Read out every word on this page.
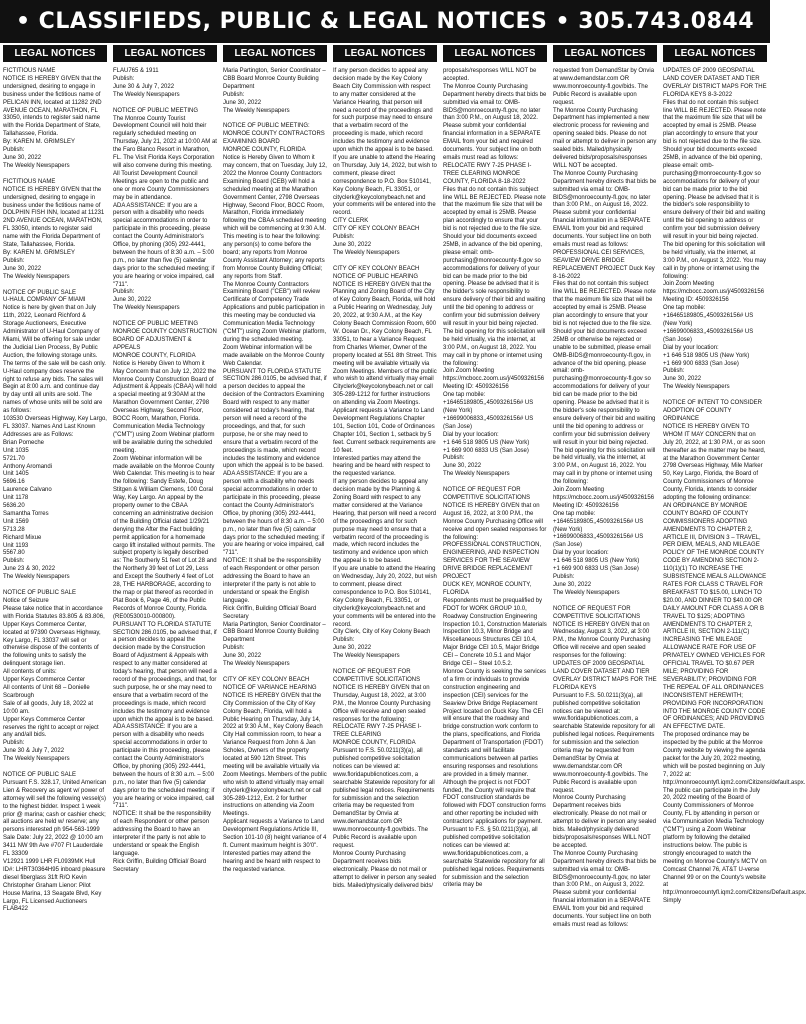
• CLASSIFIEDS, PUBLIC & LEGAL NOTICES • 305.743.0844
LEGAL NOTICES

FICTITIOUS NAME
NOTICE IS HEREBY GIVEN that the undersigned, desiring to engage in business under the fictitious name of PELICAN INN, located at 11282 2ND AVENUE OCEAN, MARATHON, FL 33050, intends to register said name with the Florida Department of State, Tallahassee, Florida.
By: KAREN M. GRIMSLEY
Publish:
June 30, 2022
The Weekly Newspapers

FICTITIOUS NAME
NOTICE IS HEREBY GIVEN that the undersigned, desiring to engage in business under the fictitious name of DOLPHIN FISH INN, located at 11231 2ND AVENUE OCEAN, MARATHON, FL 33050, intends to register said name with the Florida Department of State, Tallahassee, Florida.
By: KAREN M. GRIMSLEY
Publish:
June 30, 2022
The Weekly Newspapers

NOTICE OF PUBLIC SALE
U-HAUL COMPANY OF MIAMI
Notice is here by given that on July 11th, 2022, Leonard Richford & Storage Auctioneers, Executive Administrator of U-Haul Company of Miami, Will be offering for sale under the Judicial Lien Process, By Public Auction, the following storage units. The terms of the sale will be cash only. U-Haul company does reserve the right to refuse any bids. The sales will Begin at 8:00 a.m. and continue day by day until all units are sold. The names of whose units will be sold are as follows:
103530 Overseas Highway, Key Largo, FL 33037. Names And Last Known Addresses are as Follows:
Brian Pomeche
Unit 1035
5721.70
Anthony Aromandi
Unit 1405
5696.16
Laurence Calvano
Unit 1178
5636.20
Samantha Torres
Unit 1569
5713.28
Richard Mixue
Unit 1193
5567.80
Publish:
June 23 & 30, 2022
The Weekly Newspapers

NOTICE OF PUBLIC SALE
Notice of Seizure
Please take notice that in accordance with Florida Statutes 83.805 & 83.806, Upper Keys Commerce Center, located at 97390 Overseas Highway, Key Largo, FL 33037 will sell or otherwise dispose of the contents of the following units to satisfy the delinquent storage lien.
All contents of units:
Upper Keys Commerce Center
All contents of Unit 68 – Donielle Scarbrough
Sale of all goods, July 18, 2022 at 10:00 am.
Upper Keys Commerce Center reserves the right to accept or reject any and/all bids.
Publish:
June 30 & July 7, 2022
The Weekly Newspapers

NOTICE OF PUBLIC SALE
Pursuant F.S. 328.17, United American Lien & Recovery as agent w/ power of attorney will sell the following vessel(s) to the highest bidder. Inspect 1 week prior @ marina; cash or cashier check; all auctions are held w/ reserve; any persons interested ph 954-563-1999
Sale Date: July 22, 2022 @ 10:00 am
3411 NW 9th Ave #707 Ft Lauderdale FL 33309
V12921 1999 LHR FL0939MK Hull ID#: LHRT30364H95 inboard pleasure diesel fiberglass 31ft R/O Kevin Christopher Graham Lienor: Pilot House Marina, 13 Seagate Blvd, Key Largo, FL Licensed Auctioneers FLAB422

LEGAL NOTICES

FLAU765 & 1911
Publish:
June 30 & July 7, 2022
The Weekly Newspapers

NOTICE OF PUBLIC MEETING
The Monroe County Tourist Development Council will hold their regularly scheduled meeting on Thursday, July 21, 2022 at 10:00 AM at the Faro Blanco Resort in Marathon, FL. The Visit Florida Keys Corporation will also convene during this meeting.
All Tourist Development Council Meetings are open to the public and one or more County Commissioners may be in attendance.
ADA ASSISTANCE: If you are a person with a disability who needs special accommodations in order to participate in this proceeding, please contact the County Administrator's Office, by phoning (305) 292-4441, between the hours of 8:30 a.m. – 5:00 p.m., no later than five (5) calendar days prior to the scheduled meeting; if you are hearing or voice impaired, call "711".
Publish:
June 30, 2022
The Weekly Newspapers

NOTICE OF PUBLIC MEETING
MONROE COUNTY CONSTRUCTION BOARD OF ADJUSTMENT & APPEALS
MONROE COUNTY, FLORIDA
Notice is Hereby Given to Whom it May Concern that on July 12, 2022 the Monroe County Construction Board of Adjustment & Appeals (CBAA) will hold a special meeting at 9:30AM at the Marathon Government Center, 2798 Overseas Highway, Second Floor, BOCC Room, Marathon, Florida. Communication Media Technology ("CMT") using Zoom Webinar platform will be available during the scheduled meeting.
Zoom Webinar information will be made available on the Monroe County Web Calendar. This meeting is to hear the following: Sandy Estefe, Doug Stitgen & William Clemens, 100 Coral Way, Key Largo. An appeal by the property owner to the CBAA concerning an administrative decision of the Building Official dated 1/29/21 denying the After the Fact building permit application for a homemade cargo lift installed without permits. The subject property is legally described as: The Southerly 51 feet of Lot 28 and the Northerly 39 feet of Lot 29, Less and Except the Southerly 4 feet of Lot 28, THE HARBORAGE, according to the map or plat thereof as recorded in Plat Book 6, Page 46, of the Public Records of Monroe County, Florida.
(RE00530010-000800).
PURSUANT TO FLORIDA STATUTE SECTION 286.0105, be advised that, if a person decides to appeal the decision made by the Construction Board of Adjustment & Appeals with respect to any matter considered at today's hearing, that person will need a record of the proceedings, and that, for such purpose, he or she may need to ensure that a verbatim record of the proceedings is made, which record includes the testimony and evidence upon which the appeal is to be based.
ADA ASSISTANCE: If you are a person with a disability who needs special accommodations in order to participate in this proceeding, please contact the County Administrator's Office, by phoning (305) 292-4441, between the hours of 8:30 a.m. – 5:00 p.m., no later than five (5) calendar days prior to the scheduled meeting; if you are hearing or voice impaired, call "711".
NOTICE: It shall be the responsibility of each Respondent or other person addressing the Board to have an interpreter if the party is not able to understand or speak the English language.
Rick Griffin, Building Official/ Board Secretary

LEGAL NOTICES

Maria Partington, Senior Coordinator – CBB Board Monroe County Building Department
Publish:
June 30, 2022
The Weekly Newspapers

NOTICE OF PUBLIC MEETING:
MONROE COUNTY CONTRACTORS EXAMINING BOARD
MONROE COUNTY, FLORIDA
Notice is Hereby Given to Whom it may concern, that on Tuesday, July 12, 2022 the Monroe County Contractors Examining Board (CEB) will hold a scheduled meeting at the Marathon Government Center, 2798 Overseas Highway, Second Floor, BOCC Room, Marathon, Florida immediately following the CBAA scheduled meeting which will be commencing at 9:30 A.M. This meeting is to hear the following: any person(s) to come before the board; any reports from Monroe County Assistant Attorney; any reports from Monroe County Building Official; any reports from Staff.
The Monroe County Contractors Examining Board ("CEB") will review Certificate of Competency Trade Applications and public participation in this meeting may be conducted via Communication Media Technology ("CMT") using Zoom Webinar platform, during the scheduled meeting.
Zoom Webinar information will be made available on the Monroe County Web Calendar.
PURSUANT TO FLORIDA STATUTE SECTION 286.0105, be advised that, if a person decides to appeal the decision of the Contractors Examining Board with respect to any matter considered at today's hearing, that person will need a record of the proceedings, and that, for such purpose, he or she may need to ensure that a verbatim record of the proceedings is made, which record includes the testimony and evidence upon which the appeal is to be based.
ADA ASSISTANCE: If you are a person with a disability who needs special accommodations in order to participate in this proceeding, please contact the County Administrator's Office, by phoning (305) 292-4441, between the hours of 8:30 a.m. – 5:00 p.m., no later than five (5) calendar days prior to the scheduled meeting; if you are hearing or voice impaired, call "711".
NOTICE: It shall be the responsibility of each Respondent or other person addressing the Board to have an interpreter if the party is not able to understand or speak the English language.
Rick Griffin, Building Official/ Board Secretary
Maria Partington, Senior Coordinator – CBB Board Monroe County Building Department
Publish:
June 30, 2022
The Weekly Newspapers

CITY OF KEY COLONY BEACH NOTICE OF VARIANCE HEARING
NOTICE IS HEREBY GIVEN that the City Commission of the City of Key Colony Beach, Florida, will hold a Public Hearing on Thursday, July 14, 2022 at 9:30 A.M., Key Colony Beach City Hall commission room, to hear a Variance Request from John & Jan Scholes, Owners of the property located at 590 12th Street. This meeting will be available virtually via Zoom Meetings. Members of the public who wish to attend virtually may email cityclerk@keycolonybeach.net or call 305-289-1212, Ext. 2 for further instructions on attending via Zoom Meetings.
Applicant requests a Variance to Land Development Regulations Article III, Section 101-10 (8) height variance of 4 ft. Current maximum height is 30'0".
Interested parties may attend the hearing and be heard with respect to the requested variance.

LEGAL NOTICES

If any person decides to appeal any decision made by the Key Colony Beach City Commission with respect to any matter considered at the Variance Hearing, that person will need a record of the proceedings and for such purpose may need to ensure that a verbatim record of the proceeding is made, which record includes the testimony and evidence upon which the appeal is to be based.
If you are unable to attend the Hearing on Thursday, July 14, 2022, but wish to comment, please direct correspondence to P.O. Box 510141, Key Colony Beach, FL 33051, or cityclerk@keycolonybeach.net and your comments will be entered into the record.
CITY CLERK
CITY OF KEY COLONY BEACH
Publish:
June 30, 2022
The Weekly Newspapers

CITY OF KEY COLONY BEACH NOTICE OF PUBLIC HEARING
NOTICE IS HEREBY GIVEN that the Planning and Zoning Board of the City of Key Colony Beach, Florida, will hold a Public Hearing on Wednesday, July 20, 2022, at 9:30 A.M., at the Key Colony Beach Commission Room, 600 W. Ocean Dr., Key Colony Beach, FL 33051, to hear a Variance Request from Charles Wiemer, Owner of the property located at 551 8th Street. This meeting will be available virtually via Zoom Meetings. Members of the public who wish to attend virtually may email Cityclerk@keycolonybeach.net or call 305-289-1212 for further instructions on attending via Zoom Meetings.
Applicant requests a Variance to Land Development Regulations Chapter 101, Section 101, Code of Ordinances Chapter 101, Section 1, setback by 5 feet. Current setback requirements are 10 feet.
Interested parties may attend the hearing and be heard with respect to the requested variance.
If any person decides to appeal any decision made by the Planning & Zoning Board with respect to any matter considered at the Variance Hearing, that person will need a record of the proceedings and for such purpose may need to ensure that a verbatim record of the proceeding is made, which record includes the testimony and evidence upon which the appeal is to be based.
If you are unable to attend the Hearing on Wednesday, July 20, 2022, but wish to comment, please direct correspondence to P.O. Box 510141, Key Colony Beach, FL 33051, or cityclerk@keycolonybeach.net and your comments will be entered into the record.
City Clerk, City of Key Colony Beach
Publish:
June 30, 2022
The Weekly Newspapers

NOTICE OF REQUEST FOR COMPETITIVE SOLICITATIONS
NOTICE IS HEREBY GIVEN that on Thursday, August 18, 2022, at 3:00 P.M., the Monroe County Purchasing Office will receive and open sealed responses for the following:
RELOCATE RWY 7-25 PHASE I-TREE CLEARING
MONROE COUNTY, FLORIDA
Pursuant to F.S. 50.0211(3)(a), all published competitive solicitation notices can be viewed at: www.floridapublicnotices.com, a searchable Statewide repository for all published legal notices. Requirements for submission and the selection criteria may be requested from DemandStar by Onvia at www.demandstar.com OR www.monroecounty-fl.gov/bids. The Public Record is available upon request.
Monroe County Purchasing Department receives bids electronically. Please do not mail or attempt to deliver in person any sealed bids. Mailed/physically delivered bids/

LEGAL NOTICES

proposals/responses WILL NOT be accepted.
The Monroe County Purchasing Department hereby directs that bids be submitted via email to: OMB-BIDS@monroecounty-fl.gov, no later than 3:00 P.M., on August 18, 2022. Please submit your confidential financial information in a SEPARATE EMAIL from your bid and required documents. Your subject line on both emails must read as follows: RELOCATE RWY 7-25 PHASE I-TREE CLEARING MONROE COUNTY, FLORIDA 8-18-2022
Files that do not contain this subject line WILL BE REJECTED. Please note that the maximum file size that will be accepted by email is 25MB. Please plan accordingly to ensure that your bid is not rejected due to the file size. Should your bid documents exceed 25MB, in advance of the bid opening, please email: omb-purchasing@monroecounty-fl.gov so accommodations for delivery of your bid can be made prior to the bid opening. Please be advised that it is the bidder's sole responsibility to ensure delivery of their bid and waiting until the bid opening to address or confirm your bid submission delivery will result in your bid being rejected.
The bid opening for this solicitation will be held virtually, via the internet, at 3:00 P.M., on August 18, 2022. You may call in by phone or internet using the following:
Join Zoom Meeting
https://mcbocc.zoom.us/j/4509326156
Meeting ID: 4509326156
One tap mobile:
+16465189805,,4509326156# US (New York)
+16699006833,,4509326156# US (San Jose)
Dial by your location:
+1 646 518 9805 US (New York)
+1 669 900 6833 US (San Jose)
Publish:
June 30, 2022
The Weekly Newspapers

NOTICE OF REQUEST FOR COMPETITIVE SOLICITATIONS
NOTICE IS HEREBY GIVEN that on August 16, 2022, at 3:00 P.M., the Monroe County Purchasing Office will receive and open sealed responses for the following:
PROFESSIONAL CONSTRUCTION, ENGINEERING, AND INSPECTION SERVICES FOR THE SEAVIEW DRIVE BRIDGE REPLACEMENT PROJECT
DUCK KEY, MONROE COUNTY, FLORIDA
Respondents must be prequalified by FDOT for WORK GROUP 10.0, Roadway Construction Engineering Inspection 10.1, Construction Materials Inspection 10.3, Minor Bridge and Miscellaneous Structures CEI 10.4, Major Bridge CEI 10.5, Major Bridge CEI – Concrete 10.5.1 and Major Bridge CEI – Steel 10.5.2.
Monroe County is seeking the services of a firm or individuals to provide construction engineering and inspection (CEI) services for the Seaview Drive Bridge Replacement Project located on Duck Key. The CEI will ensure that the roadway and bridge construction work conform to the plans, specifications, and Florida Department of Transportation (FDOT) standards and will facilitate communications between all parties ensuring responses and resolutions are provided in a timely manner. Although the project is not FDOT funded, the County will require that FDOT construction standards be followed with FDOT construction forms and other reporting be included with contractors' applications for payment.
Pursuant to F.S. § 50.0211(3)(a), all published competitive solicitation notices can be viewed at: www.floridapublicnotices.com, a searchable Statewide repository for all published legal notices. Requirements for submission and the selection criteria may be

LEGAL NOTICES

requested from DemandStar by Onvia at www.demandstar.com OR www.monroecounty-fl.gov/bids. The Public Record is available upon request.
The Monroe County Purchasing Department has implemented a new electronic process for reviewing and opening sealed bids. Please do not mail or attempt to deliver in person any sealed bids. Mailed/physically delivered bids/proposals/responses WILL NOT be accepted.
The Monroe County Purchasing Department hereby directs that bids be submitted via email to: OMB-BIDS@monroecounty-fl.gov, no later than 3:00 P.M., on August 16, 2022. Please submit your confidential financial information in a SEPARATE EMAIL from your bid and required documents. Your subject line on both emails must read as follows: PROFESSIONAL CEI SERVICES, SEAVIEW DRIVE BRIDGE REPLACEMENT PROJECT Duck Key 8-16-2022
Files that do not contain this subject line WILL BE REJECTED. Please note that the maximum file size that will be accepted by email is 25MB. Please plan accordingly to ensure that your bid is not rejected due to the file size. Should your bid documents exceed 25MB or otherwise be rejected or unable to be submitted, please email OMB-BIDS@monroecounty-fl.gov, in advance of the bid opening, please email: omb-purchasing@monroecounty-fl.gov so accommodations for delivery of your bid can be made prior to the bid opening. Please be advised that it is the bidder's sole responsibility to ensure delivery of their bid and waiting until the bid opening to address or confirm your bid submission delivery will result in your bid being rejected.
The bid opening for this solicitation will be held virtually, via the internet, at 3:00 P.M., on August 16, 2022. You may call in by phone or internet using the following:
Join Zoom Meeting https://mcbocc.zoom.us/j/4509326156
Meeting ID: 4509326156
One tap mobile:
+16465189805,,4509326156# US (New York)
+16699006833,,4509326156# US (San Jose)
Dial by your location:
+1 646 518 9805 US (New York)
+1 669 900 6833 US (San Jose)
Publish:
June 30, 2022
The Weekly Newspapers

NOTICE OF REQUEST FOR COMPETITIVE SOLICITATIONS
NOTICE IS HEREBY GIVEN that on Wednesday, August 3, 2022, at 3:00 P.M., the Monroe County Purchasing Office will receive and open sealed responses for the following:
UPDATES OF 2009 GEOSPATIAL LAND COVER DATASET AND TIER OVERLAY DISTRICT MAPS FOR THE FLORIDA KEYS
Pursuant to F.S. 50.0211(3)(a), all published competitive solicitation notices can be viewed at: www.floridapublicnotices.com, a searchable Statewide repository for all published legal notices. Requirements for submission and the selection criteria may be requested from DemandStar by Onvia at www.demandstar.com OR www.monroecounty-fl.gov/bids. The Public Record is available upon request.
Monroe County Purchasing Department receives bids electronically. Please do not mail or attempt to deliver in person any sealed bids. Mailed/physically delivered bids/proposals/responses WILL NOT be accepted.
The Monroe County Purchasing Department hereby directs that bids be submitted via email to: OMB-BIDS@monroecounty-fl.gov, no later than 3:00 P.M., on August 3, 2022. Please submit your confidential financial information in a SEPARATE EMAIL from your bid and required documents. Your subject line on both emails must read as follows:

LEGAL NOTICES

UPDATES OF 2009 GEOSPATIAL LAND COVER DATASET AND TIER OVERLAY DISTRICT MAPS FOR THE FLORIDA KEYS 8-3-2022
Files that do not contain this subject line WILL BE REJECTED. Please note that the maximum file size that will be accepted by email is 25MB. Please plan accordingly to ensure that your bid is not rejected due to the file size. Should your bid documents exceed 25MB, in advance of the bid opening, please email: omb-purchasing@monroecounty-fl.gov so accommodations for delivery of your bid can be made prior to the bid opening. Please be advised that it is the bidder's sole responsibility to ensure delivery of their bid and waiting until the bid opening to address or confirm your bid submission delivery will result in your bid being rejected.
The bid opening for this solicitation will be held virtually, via the internet, at 3:00 P.M., on August 3, 2022. You may call in by phone or internet using the following:
Join Zoom Meeting
https://mcbocc.zoom.us/j/4509326156
Meeting ID: 4509326156
One tap mobile:
+16465189805,,4509326156# US (New York)
+16699006833,,4509326156# US (San Jose)
Dial by your location:
+1 646 518 9805 US (New York)
+1 669 900 6833 (San Jose)
Publish:
June 30, 2022
The Weekly Newspapers

NOTICE OF INTENT TO CONSIDER ADOPTION OF COUNTY ORDINANCE
NOTICE IS HEREBY GIVEN TO WHOM IT MAY CONCERN that on July 20, 2022, at 1:30 P.M., or as soon thereafter as the matter may be heard, at the Marathon Government Center 2798 Overseas Highway, Mile Marker 50, Key Largo, Florida, the Board of County Commissioners of Monroe County, Florida, intends to consider adopting the following ordinance:
AN ORDINANCE BY MONROE COUNTY BOARD OF COUNTY COMMISSIONERS ADOPTING AMENDMENTS TO CHAPTER 2, ARTICLE III, DIVISION 3 – TRAVEL, PER DIEM, MEALS, AND MILEAGE POLICY OF THE MONROE COUNTY CODE BY AMENDING SECTION 2-110(1)(1) TO INCREASE THE SUBSISTENCE MEALS ALLOWANCE RATES FOR CLASS C TRAVEL FOR BREAKFAST TO $15.00, LUNCH TO $20.00, AND DINNER TO $40.00 OR DAILY AMOUNT FOR CLASS A OR B TRAVEL TO $125; ADOPTING AMENDMENTS TO CHAPTER 2, ARTICLE III, SECTION 2-111(C) INCREASING THE MILEAGE ALLOWANCE RATE FOR USE OF PRIVATELY OWNED VEHICLES FOR OFFICIAL TRAVEL TO $0.67 PER MILE; PROVIDING FOR SEVERABILITY; PROVIDING FOR THE REPEAL OF ALL ORDINANCES INCONSISTENT HEREWITH; PROVIDING FOR INCORPORATION INTO THE MONROE COUNTY CODE OF ORDINANCES; AND PROVIDING AN EFFECTIVE DATE.
The proposed ordinance may be inspected by the public at the Monroe County website by viewing the agenda packet for the July 20, 2022 meeting, which will be posted beginning on July 7, 2022 at: http://monroecountyfl.iqm2.com/Citizens/default.aspx.
The public can participate in the July 20, 2022 meeting of the Board of County Commissioners of Monroe County, FL by attending in person or via Communication Media Technology ("CMT") using a Zoom Webinar platform by following the detailed instructions below. The public is strongly encouraged to watch the meeting on Monroe County's MCTV on Comcast Channel 76, AT&T U-verse Channel 99 or on the County's website at http://monroecountyfl.iqm2.com/Citizens/Default.aspx. Simply
